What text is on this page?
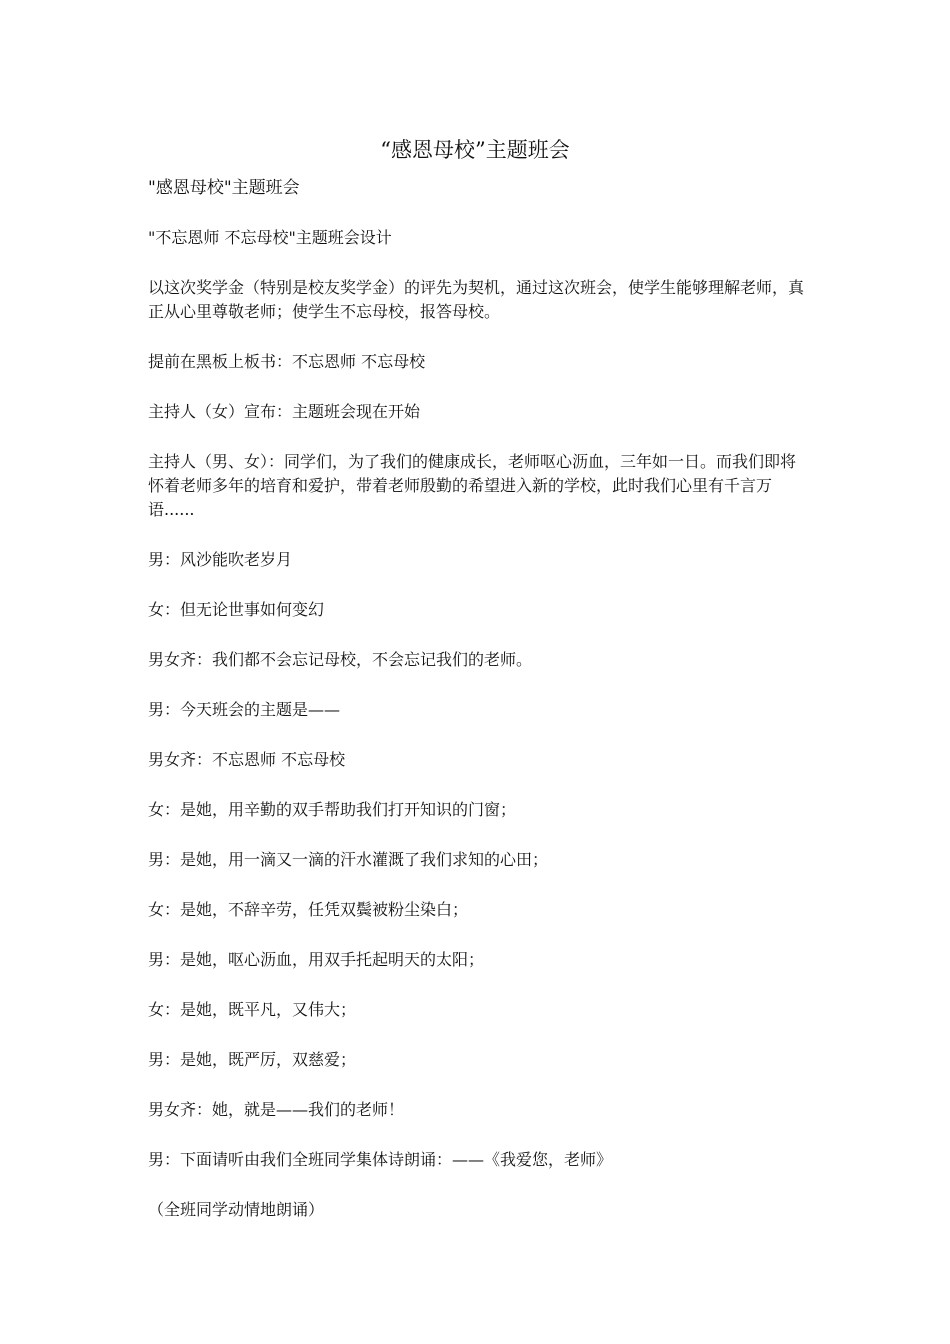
“感恩母校”主题班会

"感恩母校"主题班会

"不忘恩师 不忘母校"主题班会设计

以这次奖学金（特别是校友奖学金）的评先为契机，通过这次班会，使学生能够理解老师，真正从心里尊敬老师；使学生不忘母校，报答母校。

提前在黑板上板书：不忘恩师 不忘母校

主持人（女）宣布：主题班会现在开始

主持人（男、女）：同学们，为了我们的健康成长，老师呕心沥血，三年如一日。而我们即将怀着老师多年的培育和爱护，带着老师殷勤的希望进入新的学校，此时我们心里有千言万语......

男：风沙能吹老岁月

女：但无论世事如何变幻

男女齐：我们都不会忘记母校，不会忘记我们的老师。

男：今天班会的主题是——

男女齐：不忘恩师 不忘母校

女：是她，用辛勤的双手帮助我们打开知识的门窗；

男：是她，用一滴又一滴的汗水灌溉了我们求知的心田；

女：是她，不辞辛劳，任凭双鬓被粉尘染白；

男：是她，呕心沥血，用双手托起明天的太阳；

女：是她，既平凡，又伟大；

男：是她，既严厉，双慈爱；

男女齐：她，就是——我们的老师！

男：下面请听由我们全班同学集体诗朗诵：——《我爱您，老师》

（全班同学动情地朗诵）
